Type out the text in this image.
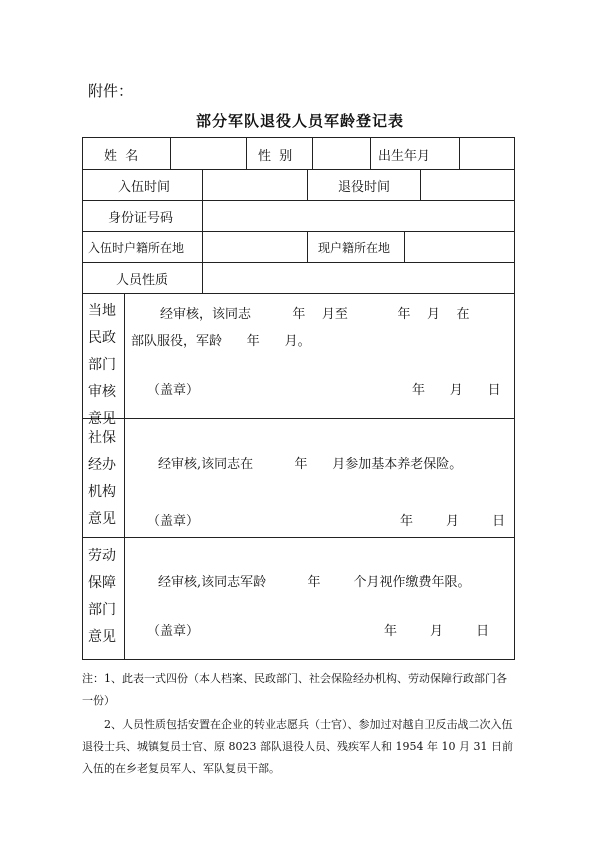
附件：
部分军队退役人员军龄登记表
姓  名	性  别	出生年月
入伍时间	退役时间
身份证号码
入伍时户籍所在地	现户籍所在地
人员性质
当地
民政
部门
审核
意见
经审核，该同志          年    月至            年    月    在
部队服役，军龄      年      月。
（盖章）	年      月      日
社保
经办
机构
意见
经审核,该同志在          年      月参加基本养老保险。
（盖章）	年        月        日
劳动
保障
部门
意见
经审核,该同志军龄          年        个月视作缴费年限。
（盖章）	年        月        日

注：1、此表一式四份（本人档案、民政部门、社会保险经办机构、劳动保障行政部门各一份）

2、人员性质包括安置在企业的转业志愿兵（士官）、参加过对越自卫反击战二次入伍退役士兵、城镇复员士官、原 8023 部队退役人员、残疾军人和 1954 年 10 月 31 日前入伍的在乡老复员军人、军队复员干部。
